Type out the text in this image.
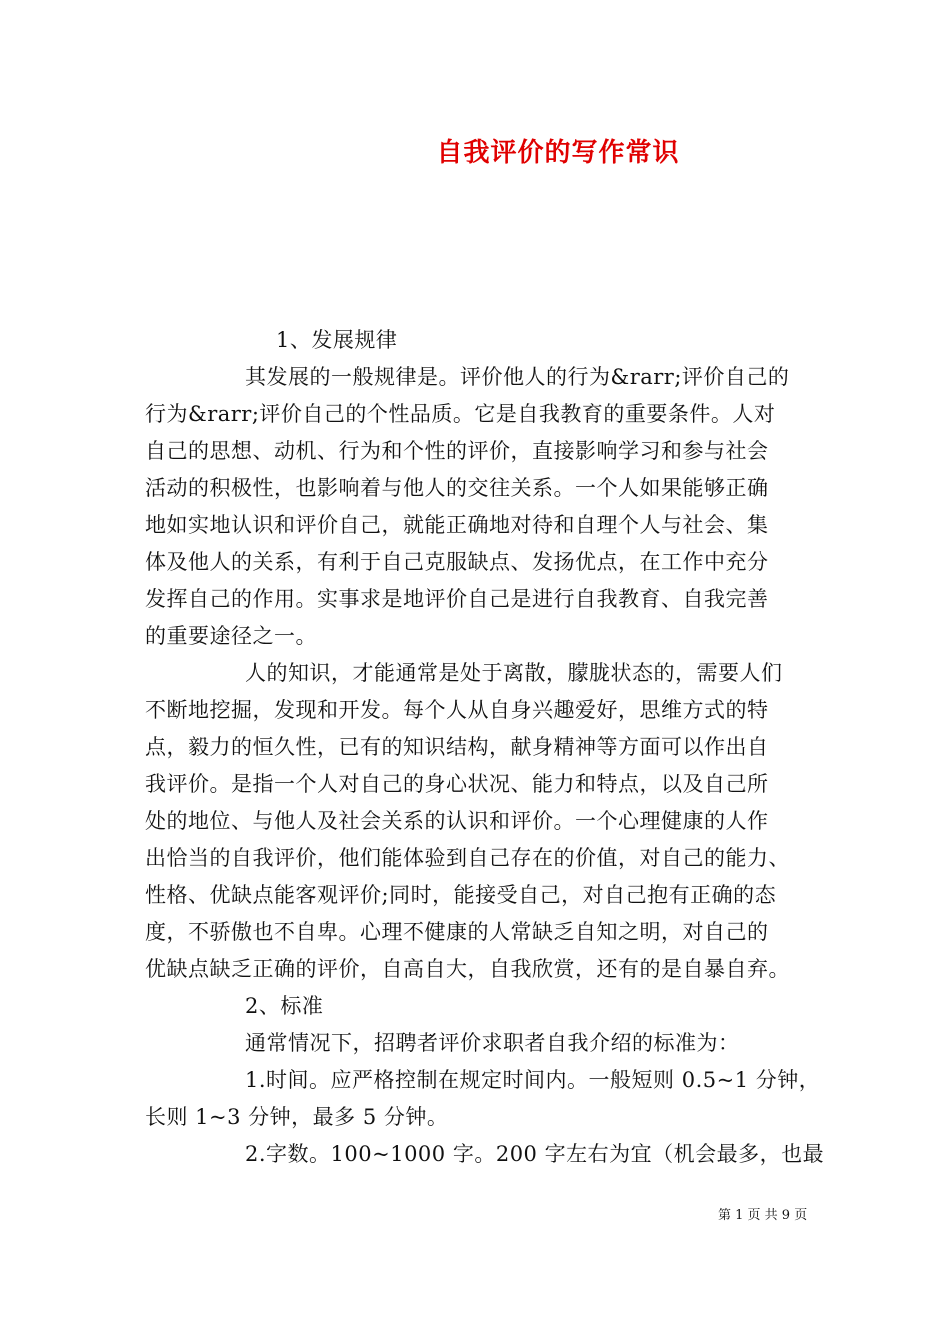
自我评价的写作常识
1、发展规律
其发展的一般规律是。评价他人的行为&rarr;评价自己的
行为&rarr;评价自己的个性品质。它是自我教育的重要条件。人对
自己的思想、动机、行为和个性的评价，直接影响学习和参与社会
活动的积极性，也影响着与他人的交往关系。一个人如果能够正确
地如实地认识和评价自己，就能正确地对待和自理个人与社会、集
体及他人的关系，有利于自己克服缺点、发扬优点，在工作中充分
发挥自己的作用。实事求是地评价自己是进行自我教育、自我完善
的重要途径之一。
人的知识，才能通常是处于离散，朦胧状态的，需要人们
不断地挖掘，发现和开发。每个人从自身兴趣爱好，思维方式的特
点，毅力的恒久性，已有的知识结构，献身精神等方面可以作出自
我评价。是指一个人对自己的身心状况、能力和特点，以及自己所
处的地位、与他人及社会关系的认识和评价。一个心理健康的人作
出恰当的自我评价，他们能体验到自己存在的价值，对自己的能力、
性格、优缺点能客观评价;同时，能接受自己，对自己抱有正确的态
度，不骄傲也不自卑。心理不健康的人常缺乏自知之明，对自己的
优缺点缺乏正确的评价，自高自大，自我欣赏，还有的是自暴自弃。
2、标准
通常情况下，招聘者评价求职者自我介绍的标准为：
1.时间。应严格控制在规定时间内。一般短则 0.5~1 分钟，
长则 1~3 分钟，最多 5 分钟。
2.字数。100~1000 字。200 字左右为宜（机会最多，也最
第 1 页 共 9 页
